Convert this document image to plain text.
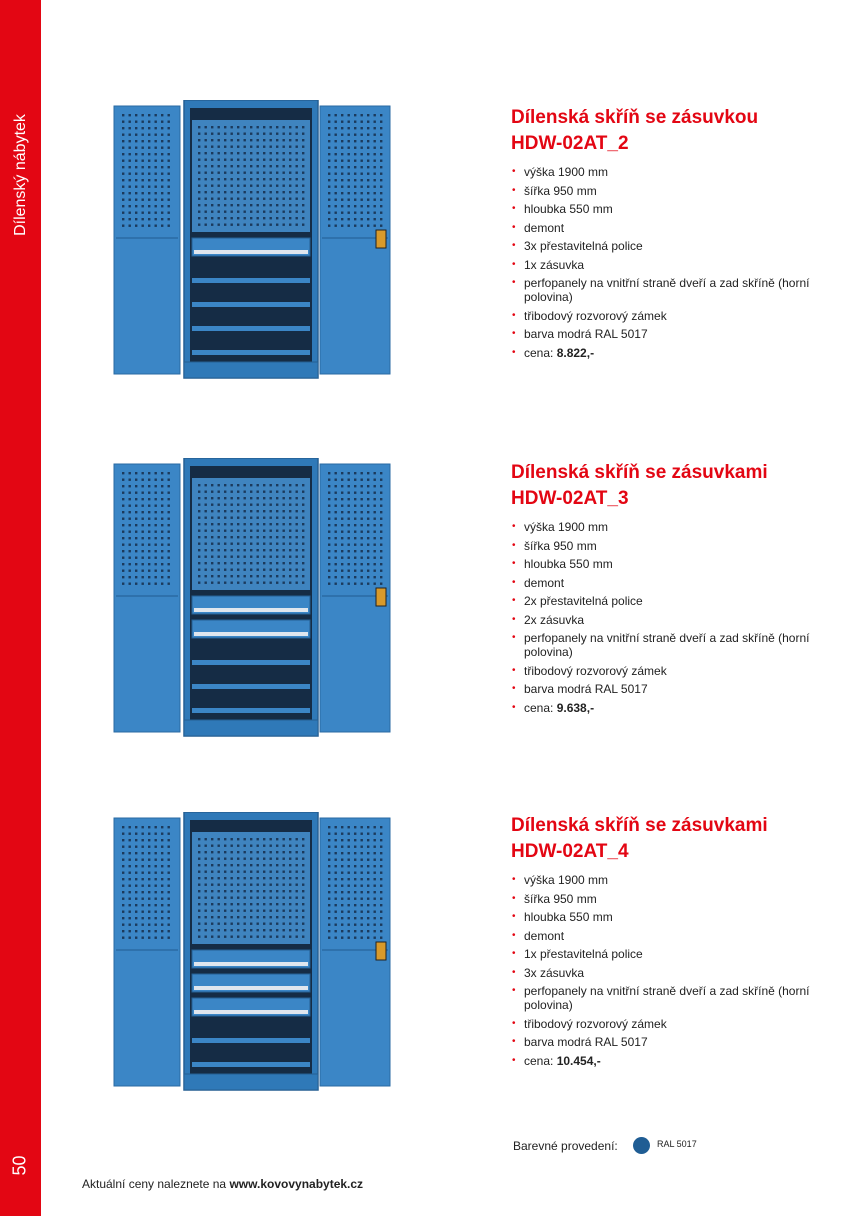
Dílenský nábytek
50
Dílenská skříň se zásuvkou
HDW-02AT_2
• výška 1900 mm
• šířka 950 mm
• hloubka 550 mm
• demont
• 3x přestavitelná police
• 1x zásuvka
• perfopanely na vnitřní straně dveří a zad skříně (horní polovina)
• třibodový rozvorový zámek
• barva modrá RAL 5017
• cena: 8.822,-
Dílenská skříň se zásuvkami
HDW-02AT_3
• výška 1900 mm
• šířka 950 mm
• hloubka 550 mm
• demont
• 2x přestavitelná police
• 2x zásuvka
• perfopanely na vnitřní straně dveří a zad skříně (horní polovina)
• třibodový rozvorový zámek
• barva modrá RAL 5017
• cena: 9.638,-
Dílenská skříň se zásuvkami
HDW-02AT_4
• výška 1900 mm
• šířka 950 mm
• hloubka 550 mm
• demont
• 1x přestavitelná police
• 3x zásuvka
• perfopanely na vnitřní straně dveří a zad skříně (horní polovina)
• třibodový rozvorový zámek
• barva modrá RAL 5017
• cena: 10.454,-
Barevné provedení:	RAL 5017
Aktuální ceny naleznete na www.kovovynabytek.cz
